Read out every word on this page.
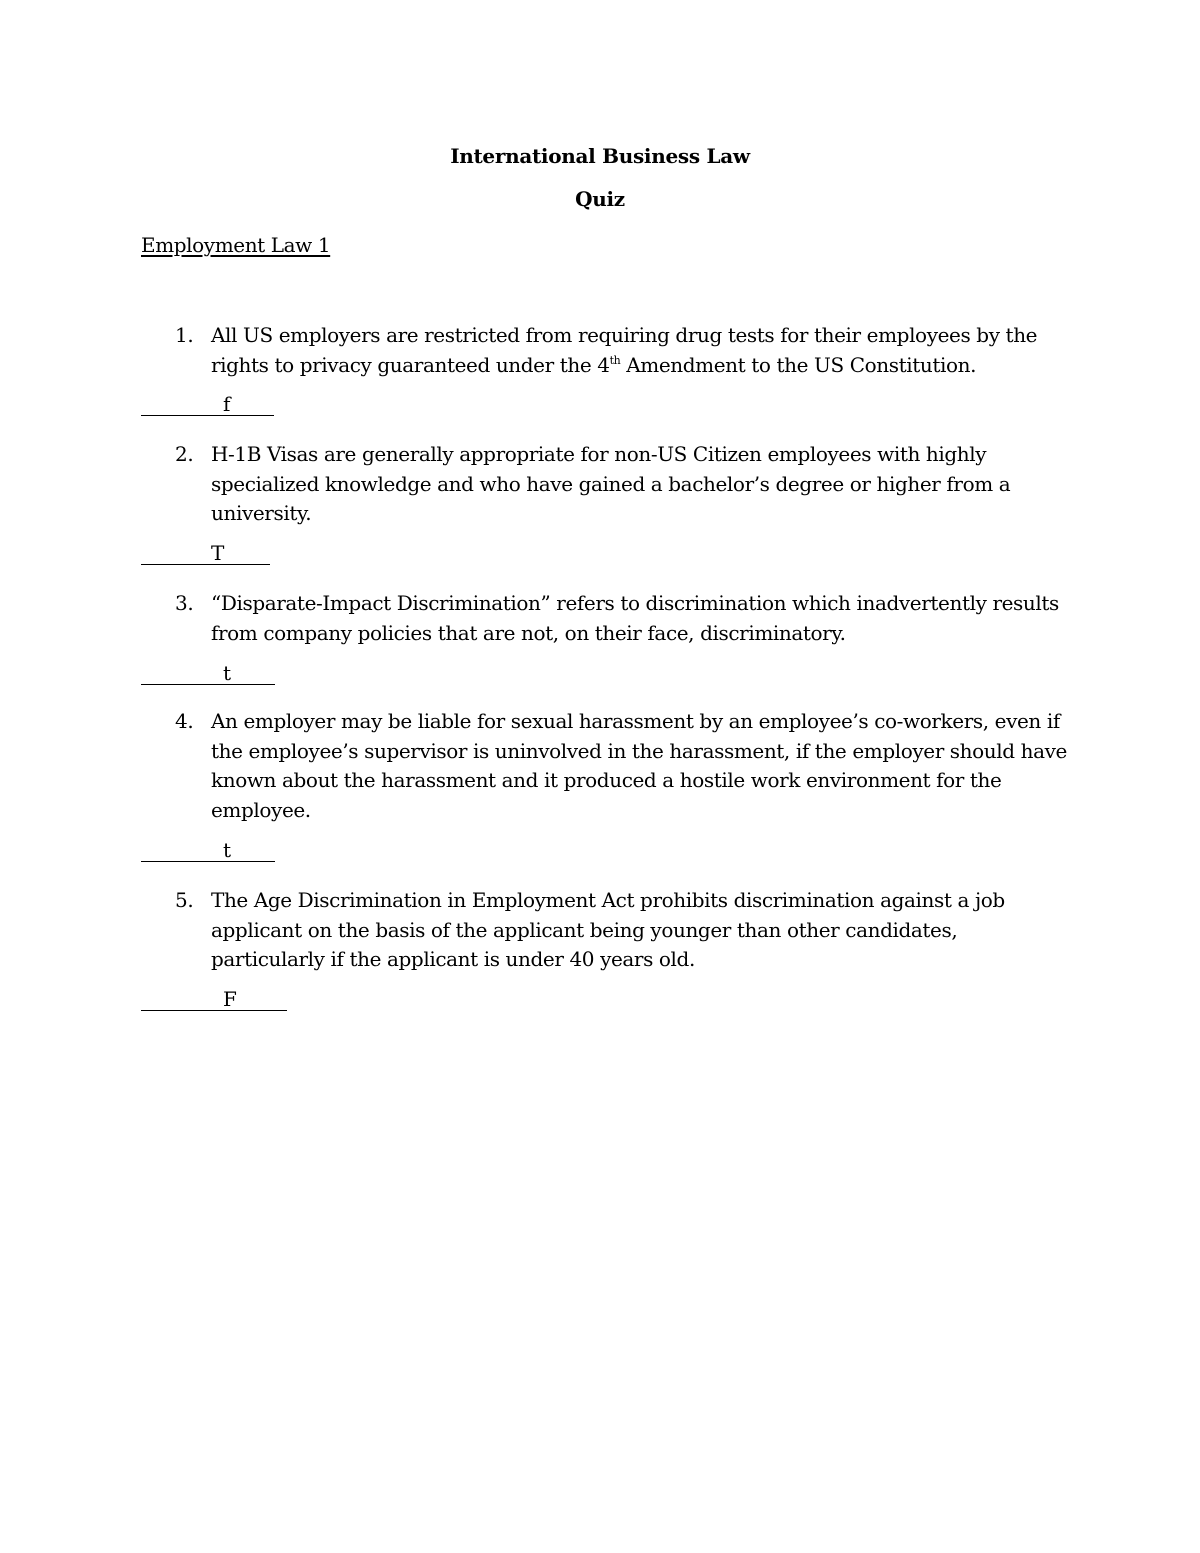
International Business Law
Quiz
Employment Law 1
1. All US employers are restricted from requiring drug tests for their employees by the rights to privacy guaranteed under the 4th Amendment to the US Constitution.
f
2. H-1B Visas are generally appropriate for non-US Citizen employees with highly specialized knowledge and who have gained a bachelor’s degree or higher from a university.
T
3. “Disparate-Impact Discrimination” refers to discrimination which inadvertently results from company policies that are not, on their face, discriminatory.
t
4. An employer may be liable for sexual harassment by an employee’s co-workers, even if the employee’s supervisor is uninvolved in the harassment, if the employer should have known about the harassment and it produced a hostile work environment for the employee.
t
5. The Age Discrimination in Employment Act prohibits discrimination against a job applicant on the basis of the applicant being younger than other candidates, particularly if the applicant is under 40 years old.
F
